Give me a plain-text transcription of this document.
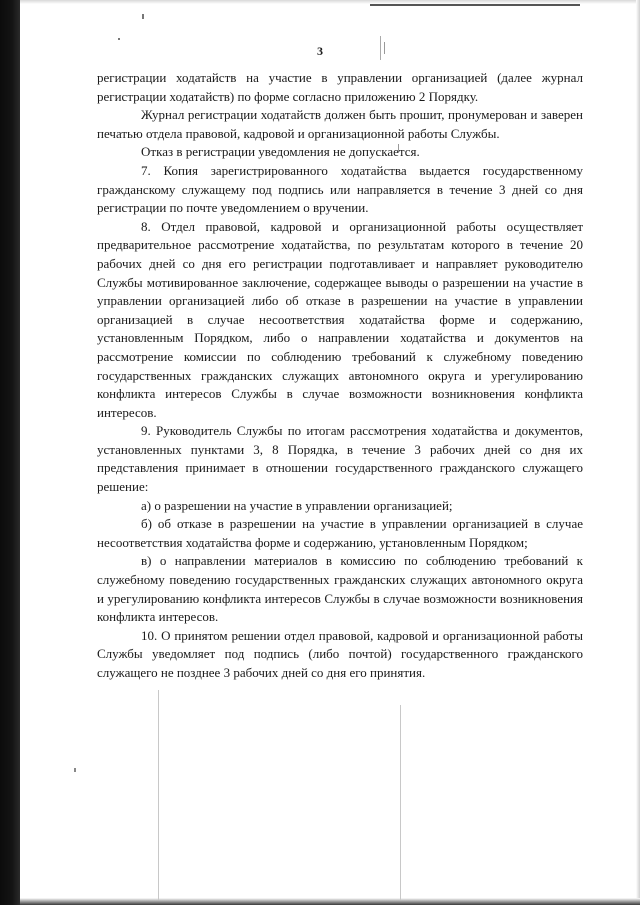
3

регистрации ходатайств на участие в управлении организацией (далее журнал регистрации ходатайств) по форме согласно приложению 2 Порядку.

Журнал регистрации ходатайств должен быть прошит, пронумерован и заверен печатью отдела правовой, кадровой и организационной работы Службы.

Отказ в регистрации уведомления не допускается.

7. Копия зарегистрированного ходатайства выдается государственному гражданскому служащему под подпись или направляется в течение 3 дней со дня регистрации по почте уведомлением о вручении.

8. Отдел правовой, кадровой и организационной работы осуществляет предварительное рассмотрение ходатайства, по результатам которого в течение 20 рабочих дней со дня его регистрации подготавливает и направляет руководителю Службы мотивированное заключение, содержащее выводы о разрешении на участие в управлении организацией либо об отказе в разрешении на участие в управлении организацией в случае несоответствия ходатайства форме и содержанию, установленным Порядком, либо о направлении ходатайства и документов на рассмотрение комиссии по соблюдению требований к служебному поведению государственных гражданских служащих автономного округа и урегулированию конфликта интересов Службы в случае возможности возникновения конфликта интересов.

9. Руководитель Службы по итогам рассмотрения ходатайства и документов, установленных пунктами 3, 8 Порядка, в течение 3 рабочих дней со дня их представления принимает в отношении государственного гражданского служащего решение:

а) о разрешении на участие в управлении организацией;

б) об отказе в разрешении на участие в управлении организацией в случае несоответствия ходатайства форме и содержанию, установленным Порядком;

в) о направлении материалов в комиссию по соблюдению требований к служебному поведению государственных гражданских служащих автономного округа и урегулированию конфликта интересов Службы в случае возможности возникновения конфликта интересов.

10. О принятом решении отдел правовой, кадровой и организационной работы Службы уведомляет под подпись (либо почтой) государственного гражданского служащего не позднее 3 рабочих дней со дня его принятия.
